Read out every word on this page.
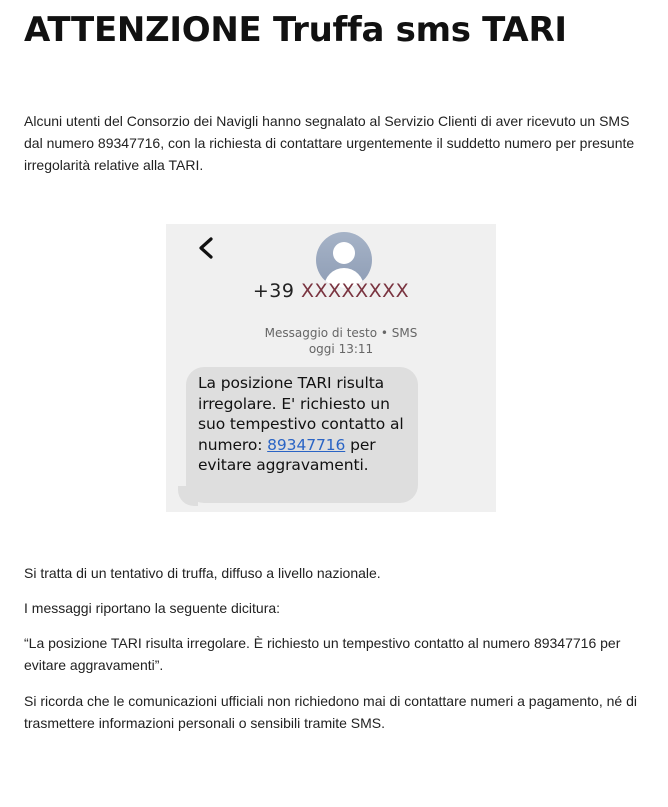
ATTENZIONE Truffa sms TARI

Alcuni utenti del Consorzio dei Navigli hanno segnalato al Servizio Clienti di aver ricevuto un SMS dal numero 89347716, con la richiesta di contattare urgentemente il suddetto numero per presunte irregolarità relative alla TARI.

+39 XXXXXXXX
Messaggio di testo • SMS
oggi 13:11

La posizione TARI risulta irregolare. E' richiesto un suo tempestivo contatto al numero: 89347716 per evitare aggravamenti.

Si tratta di un tentativo di truffa, diffuso a livello nazionale.

I messaggi riportano la seguente dicitura:

“La posizione TARI risulta irregolare. È richiesto un tempestivo contatto al numero 89347716 per evitare aggravamenti”.

Si ricorda che le comunicazioni ufficiali non richiedono mai di contattare numeri a pagamento, né di trasmettere informazioni personali o sensibili tramite SMS.
